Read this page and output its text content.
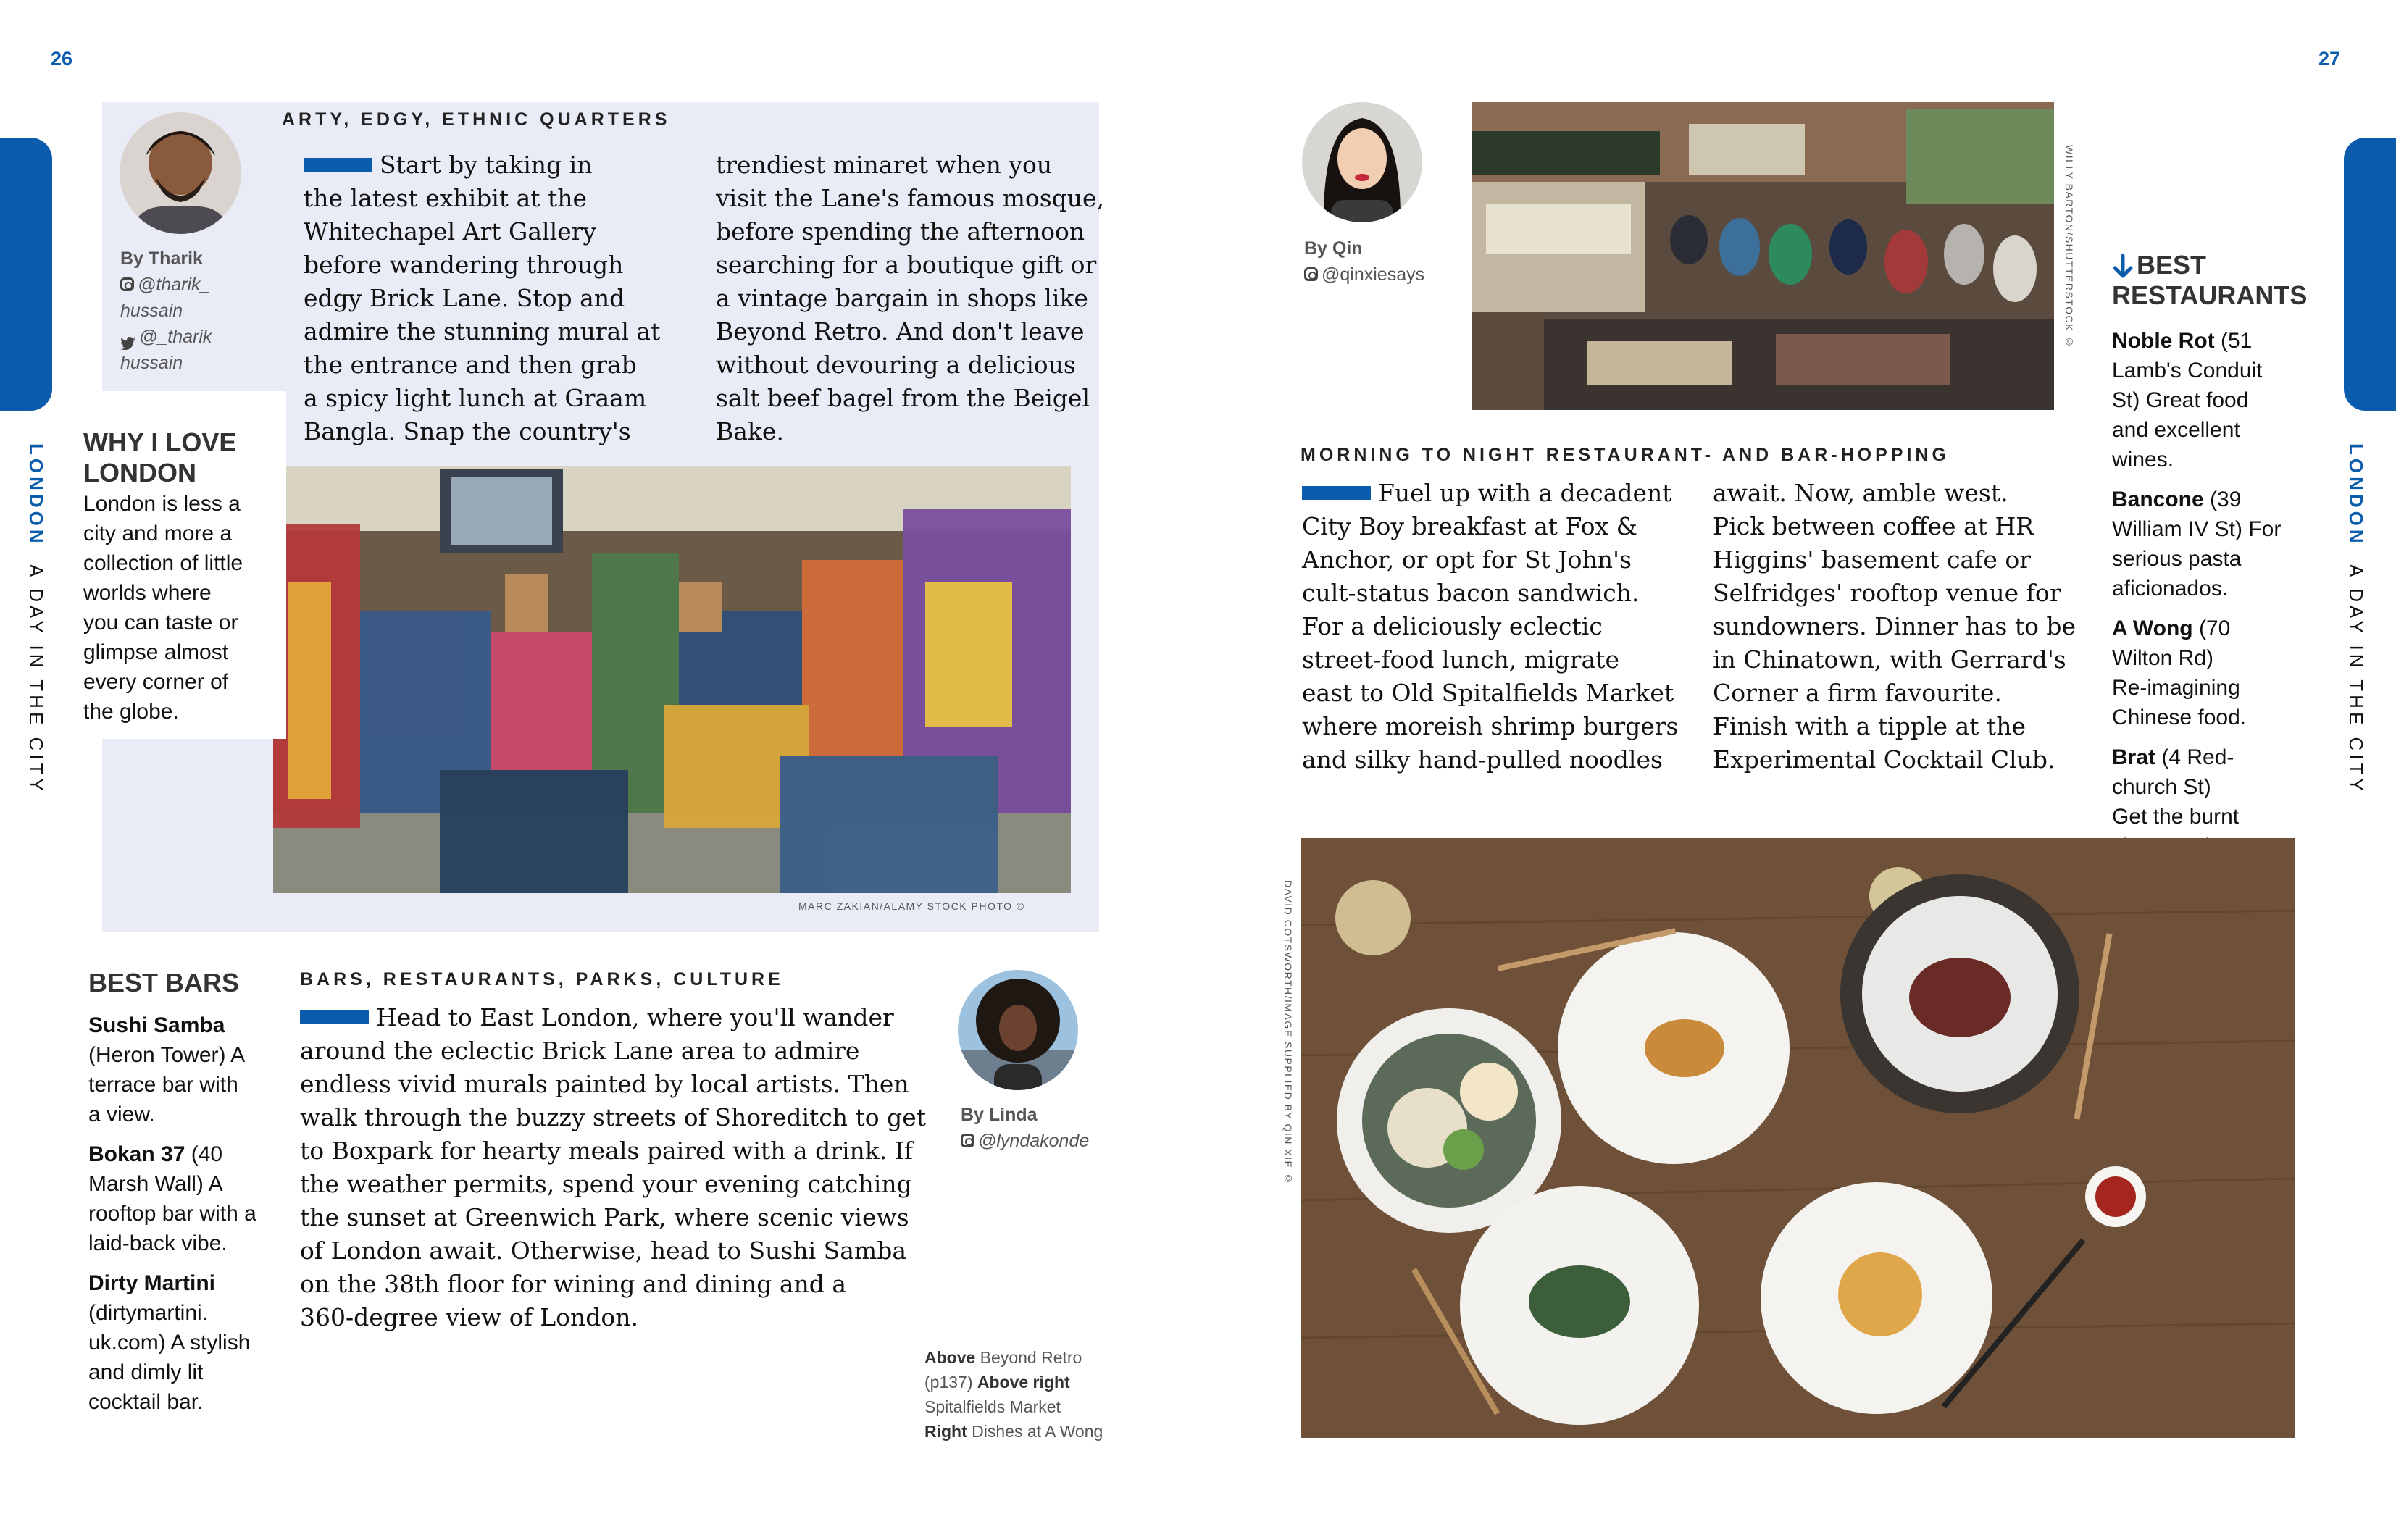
26	27
LONDON  A DAY IN THE CITY
LONDON  A DAY IN THE CITY
By Tharik
@tharik_
hussain
@_tharik
hussain
ARTY, EDGY, ETHNIC QUARTERS
Start by taking in
the latest exhibit at the
Whitechapel Art Gallery
before wandering through
edgy Brick Lane. Stop and
admire the stunning mural at
the entrance and then grab
a spicy light lunch at Graam
Bangla. Snap the country's
trendiest minaret when you
visit the Lane's famous mosque,
before spending the afternoon
searching for a boutique gift or
a vintage bargain in shops like
Beyond Retro. And don't leave
without devouring a delicious
salt beef bagel from the Beigel
Bake.
MARC ZAKIAN/ALAMY STOCK PHOTO ©
WHY I LOVE
LONDON
London is less a
city and more a
collection of little
worlds where
you can taste or
glimpse almost
every corner of
the globe.
BEST BARS
Sushi Samba
(Heron Tower) A
terrace bar with
a view.
Bokan 37 (40
Marsh Wall) A
rooftop bar with a
laid-back vibe.
Dirty Martini
(dirtymartini.
uk.com) A stylish
and dimly lit
cocktail bar.
BARS, RESTAURANTS, PARKS, CULTURE
Head to East London, where you'll wander
around the eclectic Brick Lane area to admire
endless vivid murals painted by local artists. Then
walk through the buzzy streets of Shoreditch to get
to Boxpark for hearty meals paired with a drink. If
the weather permits, spend your evening catching
the sunset at Greenwich Park, where scenic views
of London await. Otherwise, head to Sushi Samba
on the 38th floor for wining and dining and a
360-degree view of London.
By Linda
@lyndakonde
Above Beyond Retro
(p137) Above right
Spitalfields Market
Right Dishes at A Wong
By Qin
@qinxiesays	WILLY BARTON/SHUTTERSTOCK ©	BEST
RESTAURANTS
Noble Rot (51
Lamb's Conduit
St) Great food
and excellent
wines.
Bancone (39
William IV St) For
serious pasta
aficionados.
A Wong (70
Wilton Rd)
Re-imagining
Chinese food.
Brat (4 Red-
church St)
Get the burnt
MORNING TO NIGHT RESTAURANT- AND BAR-HOPPING
Fuel up with a decadent
City Boy breakfast at Fox &
Anchor, or opt for St John's
cult-status bacon sandwich.
For a deliciously eclectic
street-food lunch, migrate
east to Old Spitalfields Market
where moreish shrimp burgers
and silky hand-pulled noodles
await. Now, amble west.
Pick between coffee at HR
Higgins' basement cafe or
Selfridges' rooftop venue for
sundowners. Dinner has to be
in Chinatown, with Gerrard's
Corner a firm favourite.
Finish with a tipple at the
Experimental Cocktail Club.
DAVID COTSWORTH/IMAGE SUPPLIED BY QIN XIE ©
